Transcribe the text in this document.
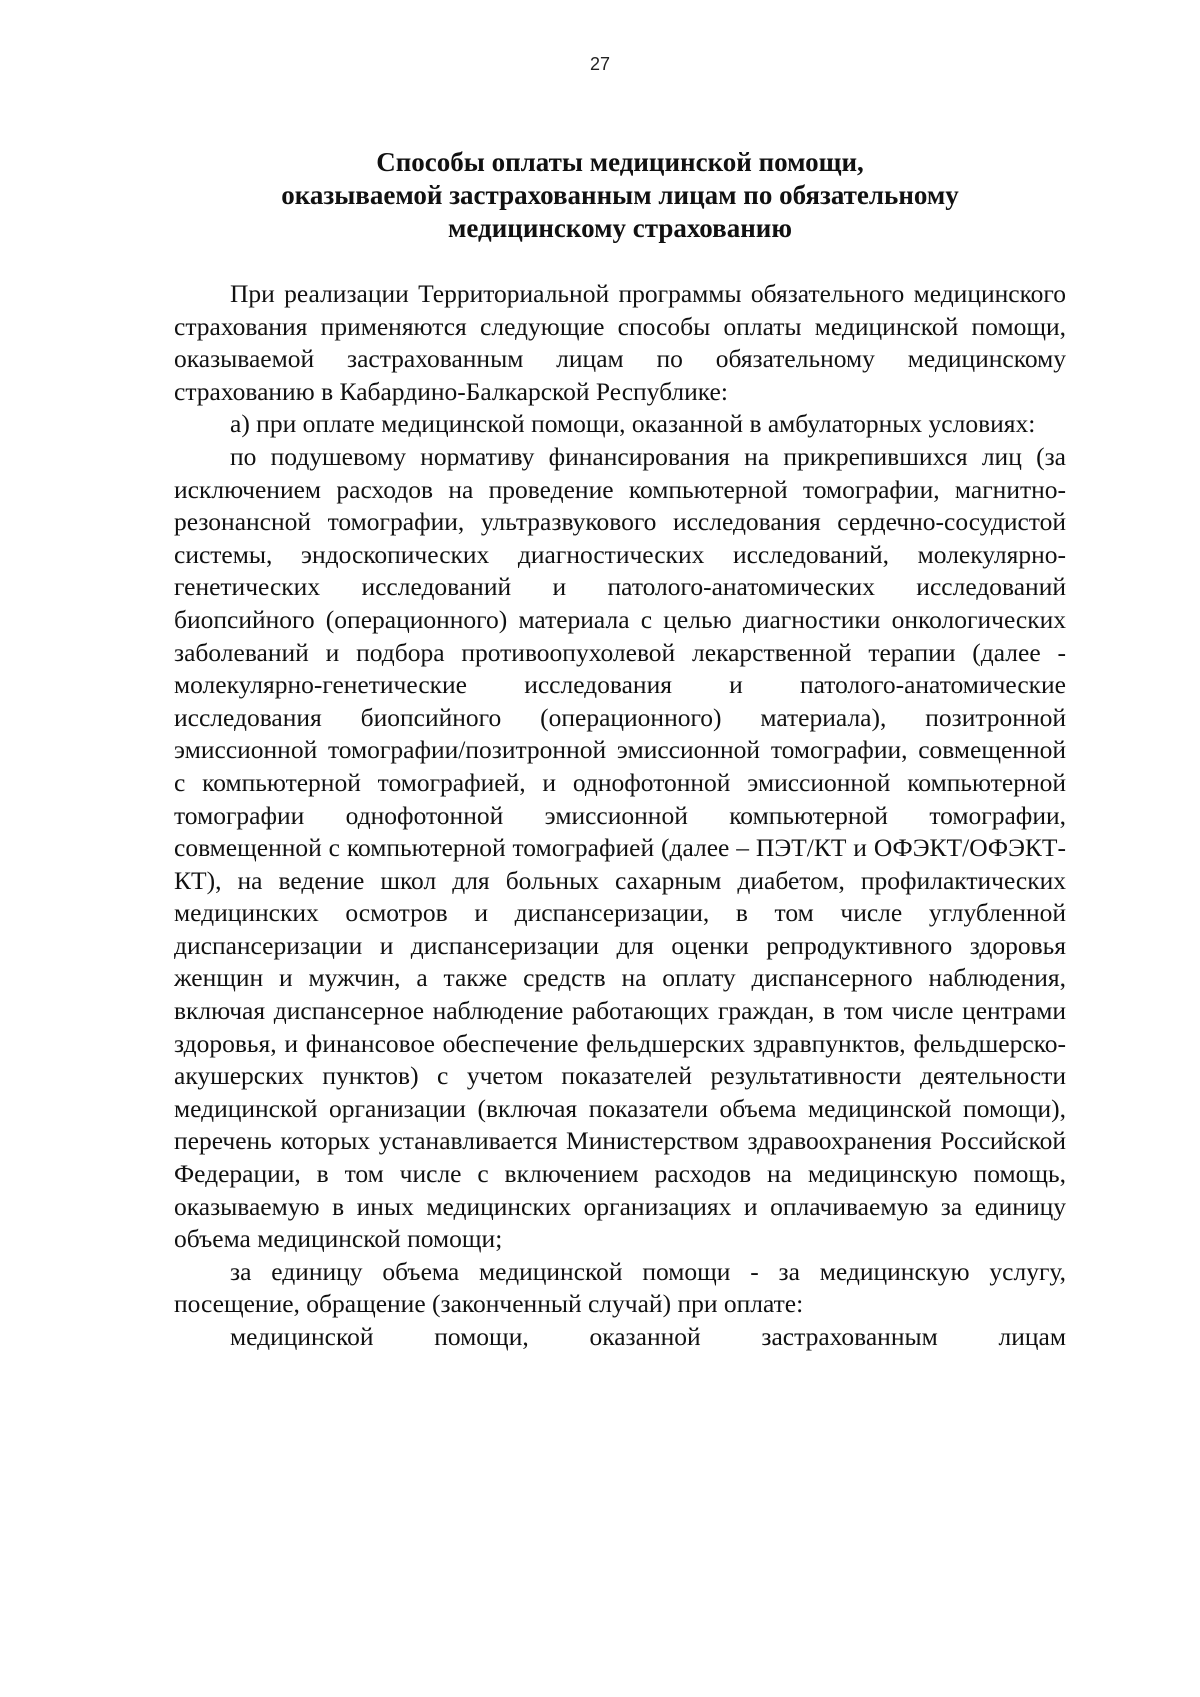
27
Способы оплаты медицинской помощи,
оказываемой застрахованным лицам по обязательному
медицинскому страхованию

При реализации Территориальной программы обязательного медицинского страхования применяются следующие способы оплаты медицинской помощи, оказываемой застрахованным лицам по обязательному медицинскому страхованию в Кабардино-Балкарской Республике:

а) при оплате медицинской помощи, оказанной в амбулаторных условиях:

по подушевому нормативу финансирования на прикрепившихся лиц (за исключением расходов на проведение компьютерной томографии, магнитно-резонансной томографии, ультразвукового исследования сердечно-сосудистой системы, эндоскопических диагностических исследований, молекулярно-генетических исследований и патолого-анатомических исследований биопсийного (операционного) материала с целью диагностики онкологических заболеваний и подбора противоопухолевой лекарственной терапии (далее - молекулярно-генетические исследования и патолого-анатомические исследования биопсийного (операционного) материала), позитронной эмиссионной томографии/позитронной эмиссионной томографии, совмещенной с компьютерной томографией, и однофотонной эмиссионной компьютерной томографии однофотонной эмиссионной компьютерной томографии, совмещенной с компьютерной томографией (далее – ПЭТ/КТ и ОФЭКТ/ОФЭКТ-КТ), на ведение школ для больных сахарным диабетом, профилактических медицинских осмотров и диспансеризации, в том числе углубленной диспансеризации и диспансеризации для оценки репродуктивного здоровья женщин и мужчин, а также средств на оплату диспансерного наблюдения, включая диспансерное наблюдение работающих граждан, в том числе центрами здоровья, и финансовое обеспечение фельдшерских здравпунктов, фельдшерско-акушерских пунктов) с учетом показателей результативности деятельности медицинской организации (включая показатели объема медицинской помощи), перечень которых устанавливается Министерством здравоохранения Российской Федерации, в том числе с включением расходов на медицинскую помощь, оказываемую в иных медицинских организациях и оплачиваемую за единицу объема медицинской помощи;

за единицу объема медицинской помощи - за медицинскую услугу, посещение, обращение (законченный случай) при оплате:

медицинской помощи, оказанной застрахованным лицам
